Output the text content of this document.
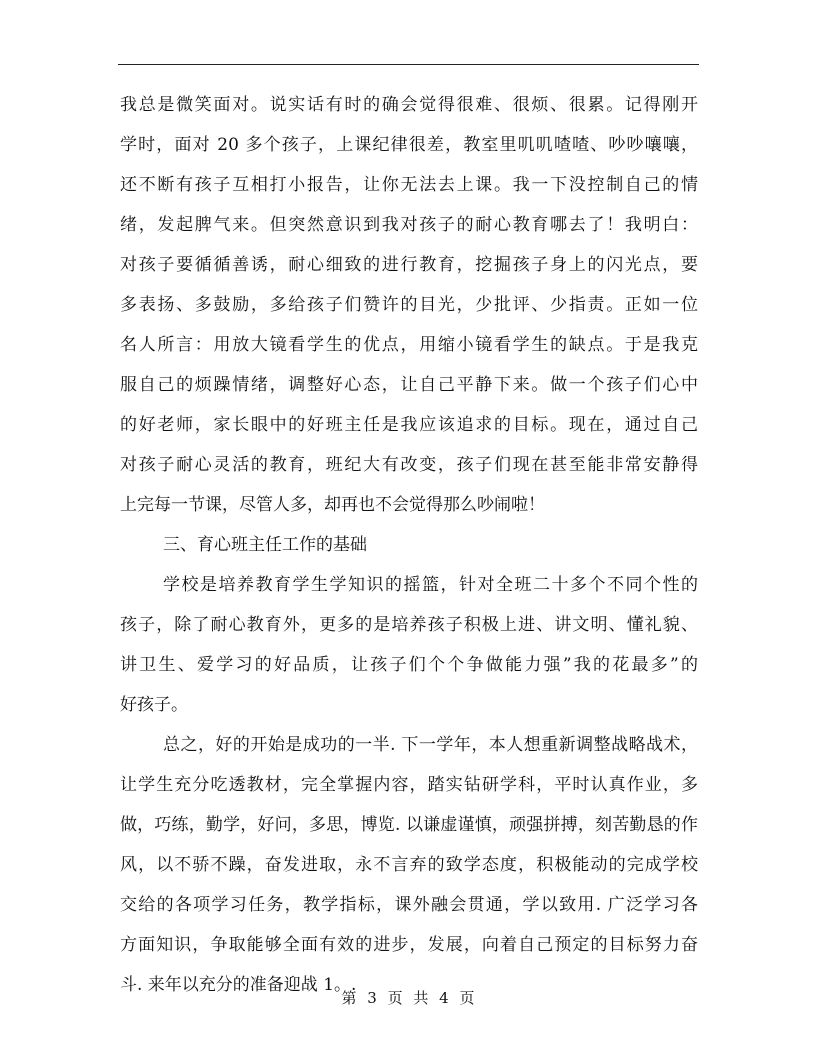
我总是微笑面对。说实话有时的确会觉得很难、很烦、很累。记得刚开
学时，面对 20 多个孩子，上课纪律很差，教室里叽叽喳喳、吵吵嚷嚷，
还不断有孩子互相打小报告，让你无法去上课。我一下没控制自己的情
绪，发起脾气来。但突然意识到我对孩子的耐心教育哪去了！我明白：
对孩子要循循善诱，耐心细致的进行教育，挖掘孩子身上的闪光点，要
多表扬、多鼓励，多给孩子们赞许的目光，少批评、少指责。正如一位
名人所言：用放大镜看学生的优点，用缩小镜看学生的缺点。于是我克
服自己的烦躁情绪，调整好心态，让自己平静下来。做一个孩子们心中
的好老师，家长眼中的好班主任是我应该追求的目标。现在，通过自己
对孩子耐心灵活的教育，班纪大有改变，孩子们现在甚至能非常安静得
上完每一节课，尽管人多，却再也不会觉得那么吵闹啦！
三、育心班主任工作的基础
学校是培养教育学生学知识的摇篮，针对全班二十多个不同个性的
孩子，除了耐心教育外，更多的是培养孩子积极上进、讲文明、懂礼貌、
讲卫生、爱学习的好品质，让孩子们个个争做能力强”我的花最多”的
好孩子。
总之，好的开始是成功的一半. 下一学年，本人想重新调整战略战术，
让学生充分吃透教材，完全掌握内容，踏实钻研学科，平时认真作业，多
做，巧练，勤学，好问，多思，博览. 以谦虚谨慎，顽强拼搏，刻苦勤恳的作
风，以不骄不躁，奋发进取，永不言弃的致学态度，积极能动的完成学校
交给的各项学习任务，教学指标，课外融会贯通，学以致用. 广泛学习各
方面知识，争取能够全面有效的进步，发展，向着自己预定的目标努力奋
斗. 来年以充分的准备迎战 1。.
第 3 页 共 4 页
